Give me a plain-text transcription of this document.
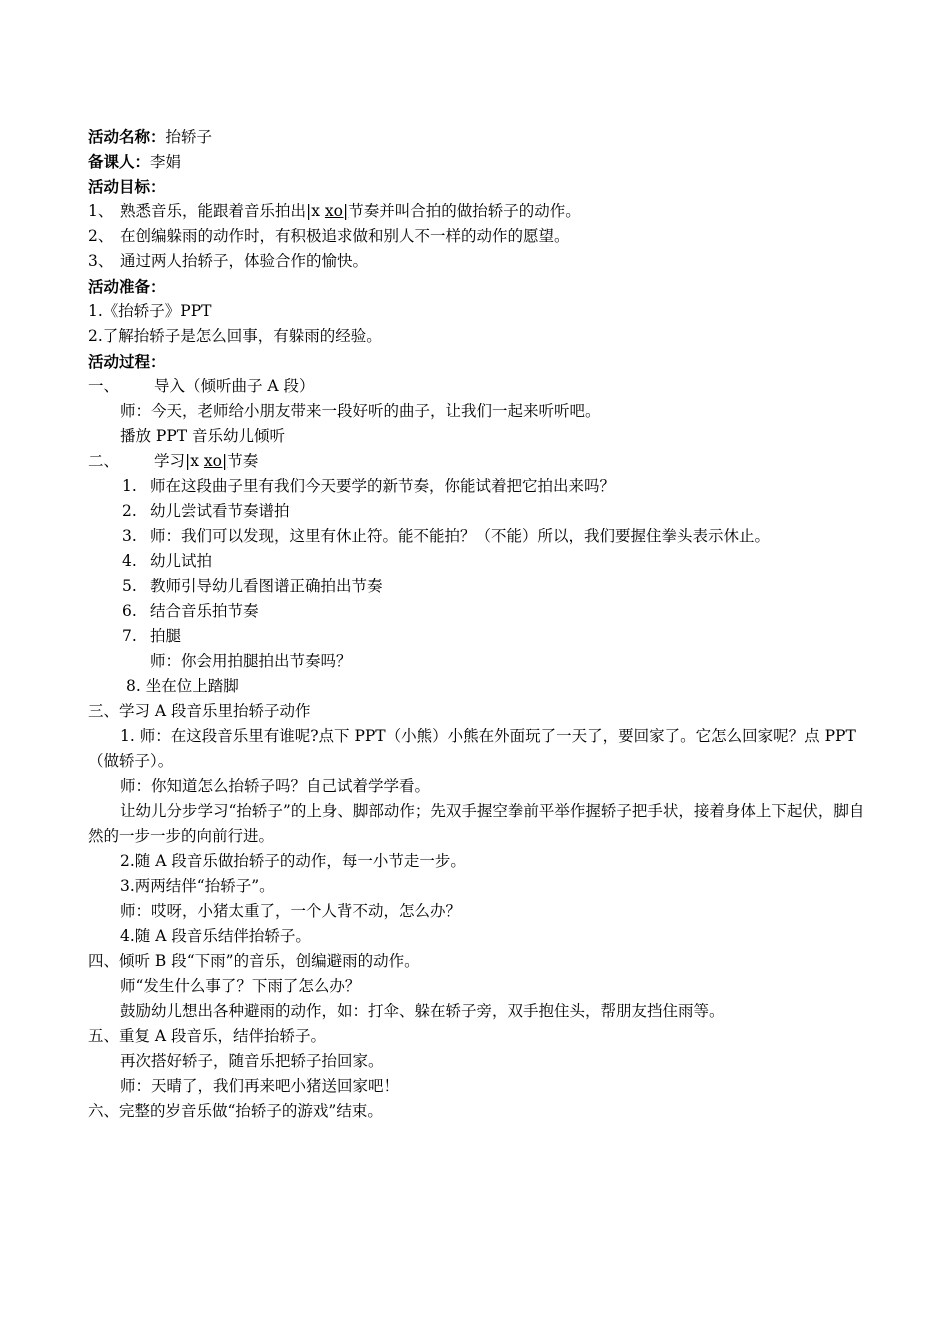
活动名称：抬轿子
备课人：李娟
活动目标：
1、 熟悉音乐，能跟着音乐拍出|x xo|节奏并叫合拍的做抬轿子的动作。
2、 在创编躲雨的动作时，有积极追求做和别人不一样的动作的愿望。
3、 通过两人抬轿子，体验合作的愉快。
活动准备：
1.《抬轿子》PPT
2.了解抬轿子是怎么回事，有躲雨的经验。
活动过程：
一、 导入（倾听曲子 A 段）
师：今天，老师给小朋友带来一段好听的曲子，让我们一起来听听吧。
播放 PPT 音乐幼儿倾听
二、 学习|x xo|节奏
1. 师在这段曲子里有我们今天要学的新节奏，你能试着把它拍出来吗？
2. 幼儿尝试看节奏谱拍
3. 师：我们可以发现，这里有休止符。能不能拍？（不能）所以，我们要握住拳头表示休止。
4. 幼儿试拍
5. 教师引导幼儿看图谱正确拍出节奏
6. 结合音乐拍节奏
7. 拍腿
师：你会用拍腿拍出节奏吗？
8. 坐在位上踏脚
三、学习 A 段音乐里抬轿子动作
1. 师：在这段音乐里有谁呢?点下 PPT（小熊）小熊在外面玩了一天了，要回家了。它怎么回家呢？点 PPT（做轿子）。
师：你知道怎么抬轿子吗？自己试着学学看。
让幼儿分步学习“抬轿子”的上身、脚部动作；先双手握空拳前平举作握轿子把手状，接着身体上下起伏，脚自然的一步一步的向前行进。
2.随 A 段音乐做抬轿子的动作，每一小节走一步。
3.两两结伴“抬轿子”。
师：哎呀，小猪太重了，一个人背不动，怎么办？
4.随 A 段音乐结伴抬轿子。
四、倾听 B 段“下雨”的音乐，创编避雨的动作。
师“发生什么事了？下雨了怎么办？
鼓励幼儿想出各种避雨的动作，如：打伞、躲在轿子旁，双手抱住头，帮朋友挡住雨等。
五、重复 A 段音乐，结伴抬轿子。
再次搭好轿子，随音乐把轿子抬回家。
师：天晴了，我们再来吧小猪送回家吧！
六、完整的岁音乐做“抬轿子的游戏”结束。
